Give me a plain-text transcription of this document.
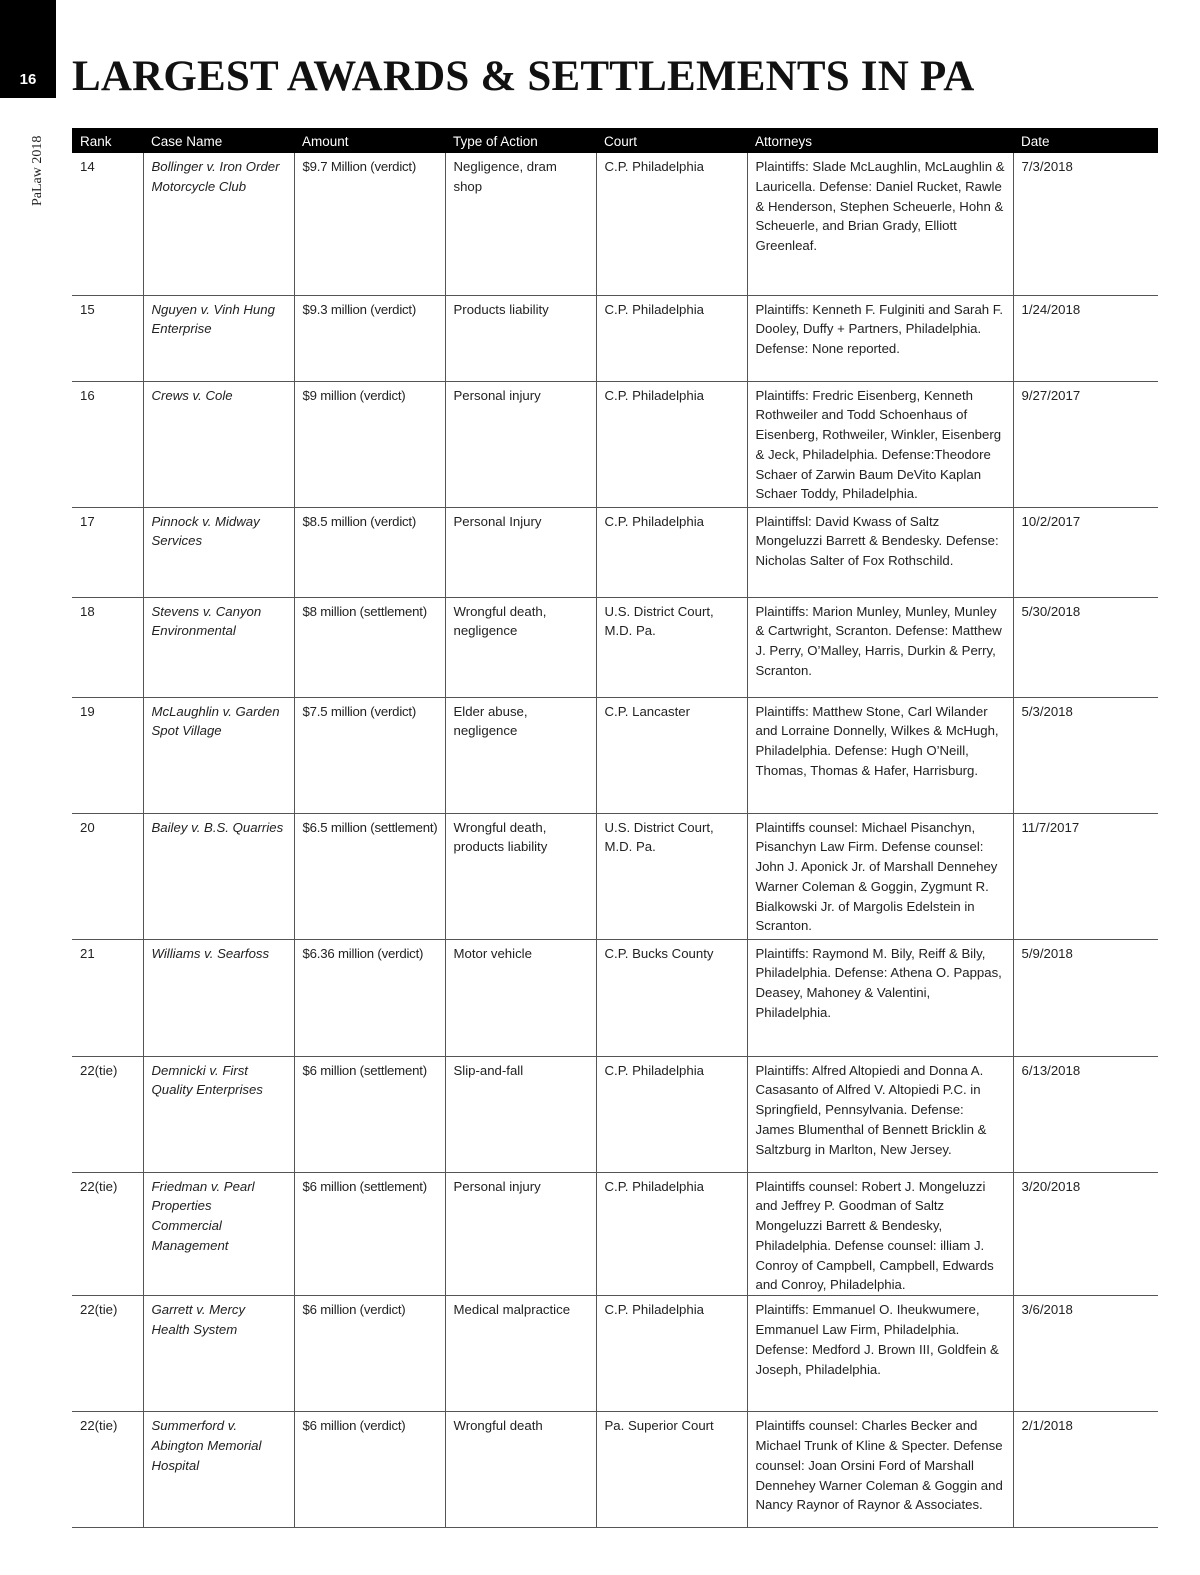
16
PaLaw 2018
LARGEST AWARDS & SETTLEMENTS IN PA
Rank	Case Name	Amount	Type of Action	Court	Attorneys	Date
14	Bollinger v. Iron Order Motorcycle Club	$9.7 Million (verdict)	Negligence, dram shop	C.P. Philadelphia	Plaintiffs: Slade McLaughlin, McLaughlin & Lauricella. Defense: Daniel Rucket, Rawle & Henderson, Stephen Scheuerle, Hohn & Scheuerle, and Brian Grady, Elliott Greenleaf.	7/3/2018
15	Nguyen v. Vinh Hung Enterprise	$9.3 million (verdict)	Products liability	C.P. Philadelphia	Plaintiffs: Kenneth F. Fulginiti and Sarah F. Dooley, Duffy + Partners, Philadelphia. Defense: None reported.	1/24/2018
16	Crews v. Cole	$9 million (verdict)	Personal injury	C.P. Philadelphia	Plaintiffs: Fredric Eisenberg, Kenneth Rothweiler and Todd Schoenhaus of Eisenberg, Rothweiler, Winkler, Eisenberg & Jeck, Philadelphia. Defense:Theodore Schaer of Zarwin Baum DeVito Kaplan Schaer Toddy, Philadelphia.	9/27/2017
17	Pinnock v. Midway Services	$8.5 million (verdict)	Personal Injury	C.P. Philadelphia	Plaintiffsl: David Kwass of Saltz Mongeluzzi Barrett & Bendesky. Defense: Nicholas Salter of Fox Rothschild.	10/2/2017
18	Stevens v. Canyon Environmental	$8 million (settlement)	Wrongful death, negligence	U.S. District Court, M.D. Pa.	Plaintiffs: Marion Munley, Munley, Munley & Cartwright, Scranton. Defense: Matthew J. Perry, O’Malley, Harris, Durkin & Perry, Scranton.	5/30/2018
19	McLaughlin v. Garden Spot Village	$7.5 million (verdict)	Elder abuse, negligence	C.P. Lancaster	Plaintiffs: Matthew Stone, Carl Wilander and Lorraine Donnelly, Wilkes & McHugh, Philadelphia. Defense: Hugh O’Neill, Thomas, Thomas & Hafer, Harrisburg.	5/3/2018
20	Bailey v. B.S. Quarries	$6.5 million (settlement)	Wrongful death, products liability	U.S. District Court, M.D. Pa.	Plaintiffs counsel: Michael Pisanchyn, Pisanchyn Law Firm. Defense counsel: John J. Aponick Jr. of Marshall Dennehey Warner Coleman & Goggin, Zygmunt R. Bialkowski Jr. of Margolis Edelstein in Scranton.	11/7/2017
21	Williams v. Searfoss	$6.36 million (verdict)	Motor vehicle	C.P. Bucks County	Plaintiffs: Raymond M. Bily, Reiff & Bily, Philadelphia. Defense: Athena O. Pappas, Deasey, Mahoney & Valentini, Philadelphia.	5/9/2018
22(tie)	Demnicki v. First Quality Enterprises	$6 million (settlement)	Slip-and-fall	C.P. Philadelphia	Plaintiffs: Alfred Altopiedi and Donna A. Casasanto of Alfred V. Altopiedi P.C. in Springfield, Pennsylvania. Defense: James Blumenthal of Bennett Bricklin & Saltzburg in Marlton, New Jersey.	6/13/2018
22(tie)	Friedman v. Pearl Properties Commercial Management	$6 million (settlement)	Personal injury	C.P. Philadelphia	Plaintiffs counsel: Robert J. Mongeluzzi and Jeffrey P. Goodman of Saltz Mongeluzzi Barrett & Bendesky, Philadelphia. Defense counsel: illiam J. Conroy of Campbell, Campbell, Edwards and Conroy, Philadelphia.	3/20/2018
22(tie)	Garrett v. Mercy Health System	$6 million (verdict)	Medical malpractice	C.P. Philadelphia	Plaintiffs: Emmanuel O. Iheukwumere, Emmanuel Law Firm, Philadelphia. Defense: Medford J. Brown III, Goldfein & Joseph, Philadelphia.	3/6/2018
22(tie)	Summerford v. Abington Memorial Hospital	$6 million (verdict)	Wrongful death	Pa. Superior Court	Plaintiffs counsel: Charles Becker and Michael Trunk of Kline & Specter. Defense counsel: Joan Orsini Ford of Marshall Dennehey Warner Coleman & Goggin and Nancy Raynor of Raynor & Associates.	2/1/2018
